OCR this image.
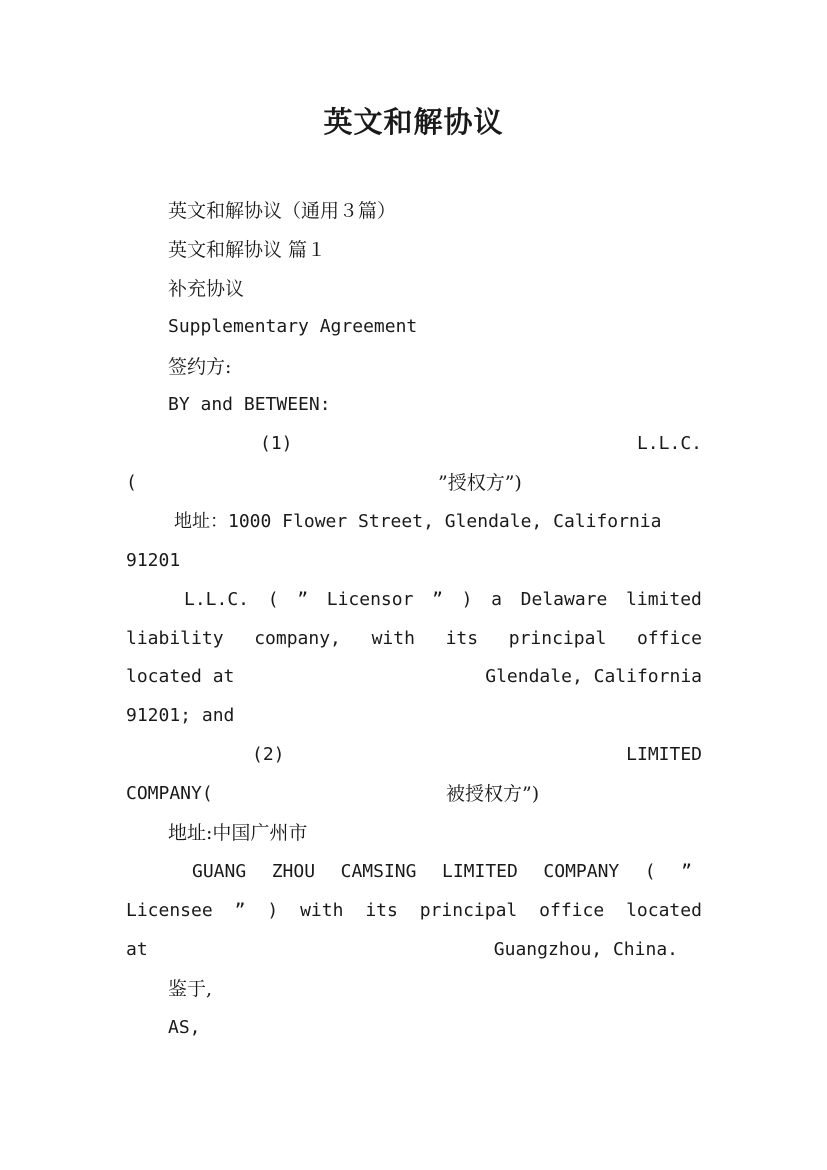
英文和解协议
英文和解协议（通用３篇）
英文和解协议 篇１
补充协议
Supplementary Agreement
签约方:
BY and BETWEEN:
(1)	L.L.C.
(	”授权方”)
地址：1000 Flower Street, Glendale, California
91201
L.L.C. ( ” Licensor ” ) a Delaware limited
liability company, with its principal office
located at	Glendale, California
91201; and
(2)	LIMITED
COMPANY(	被授权方”)
地址:中国广州市
GUANG ZHOU CAMSING LIMITED COMPANY ( ”
Licensee ” ) with its principal office located
at	Guangzhou, China.
鉴于,
AS,
